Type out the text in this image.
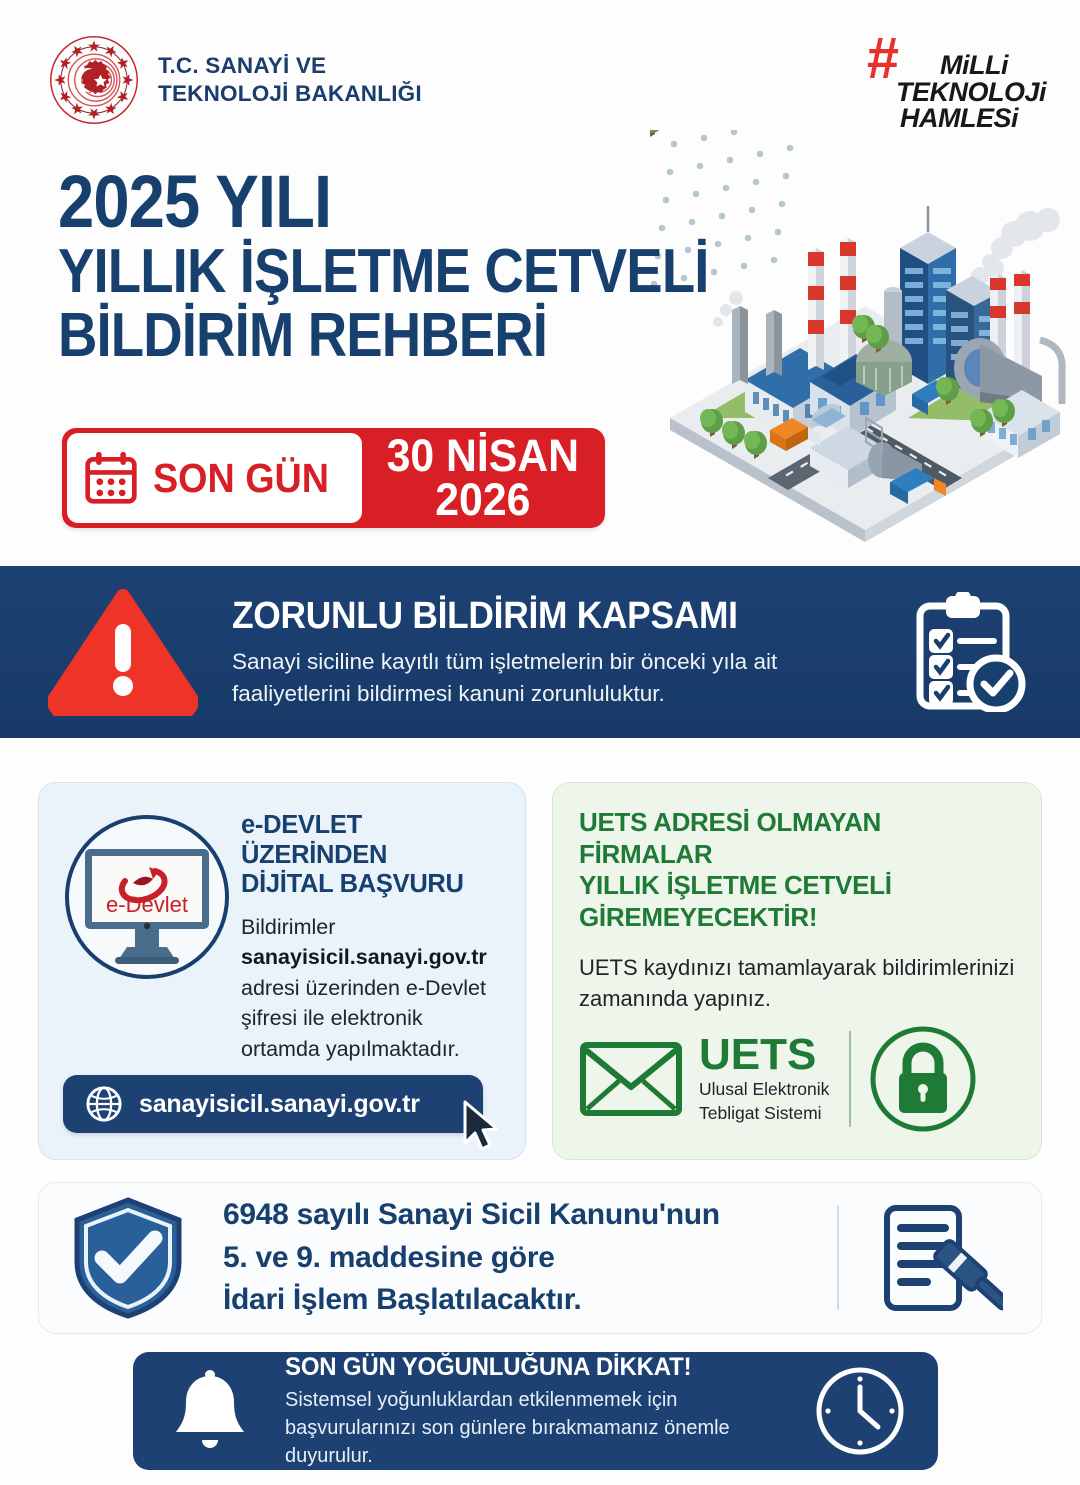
T.C. SANAYİ VE
TEKNOLOJİ BAKANLIĞI
#	MiLLi
TEKNOLOJi
HAMLESi
2025 YILI
YILLIK İŞLETME CETVELİ
BİLDİRİM REHBERİ
SON GÜN	30 NİSAN
2026
ZORUNLU BİLDİRİM KAPSAMI
Sanayi siciline kayıtlı tüm işletmelerin bir önceki yıla ait faaliyetlerini bildirmesi kanuni zorunluluktur.
e-Devlet
e-DEVLET ÜZERİNDEN
DİJİTAL BAŞVURU
Bildirimler sanayisicil.sanayi.gov.tr adresi üzerinden e-Devlet şifresi ile elektronik ortamda yapılmaktadır.
sanayisicil.sanayi.gov.tr
UETS ADRESİ OLMAYAN FİRMALAR
YILLIK İŞLETME CETVELİ
GİREMEYECEKTİR!
UETS kaydınızı tamamlayarak bildirimlerinizi zamanında yapınız.
UETS
Ulusal Elektronik
Tebligat Sistemi
6948 sayılı Sanayi Sicil Kanunu'nun
5. ve 9. maddesine göre
İdari İşlem Başlatılacaktır.
SON GÜN YOĞUNLUĞUNA DİKKAT!
Sistemsel yoğunluklardan etkilenmemek için başvurularınızı son günlere bırakmamanız önemle duyurulur.
